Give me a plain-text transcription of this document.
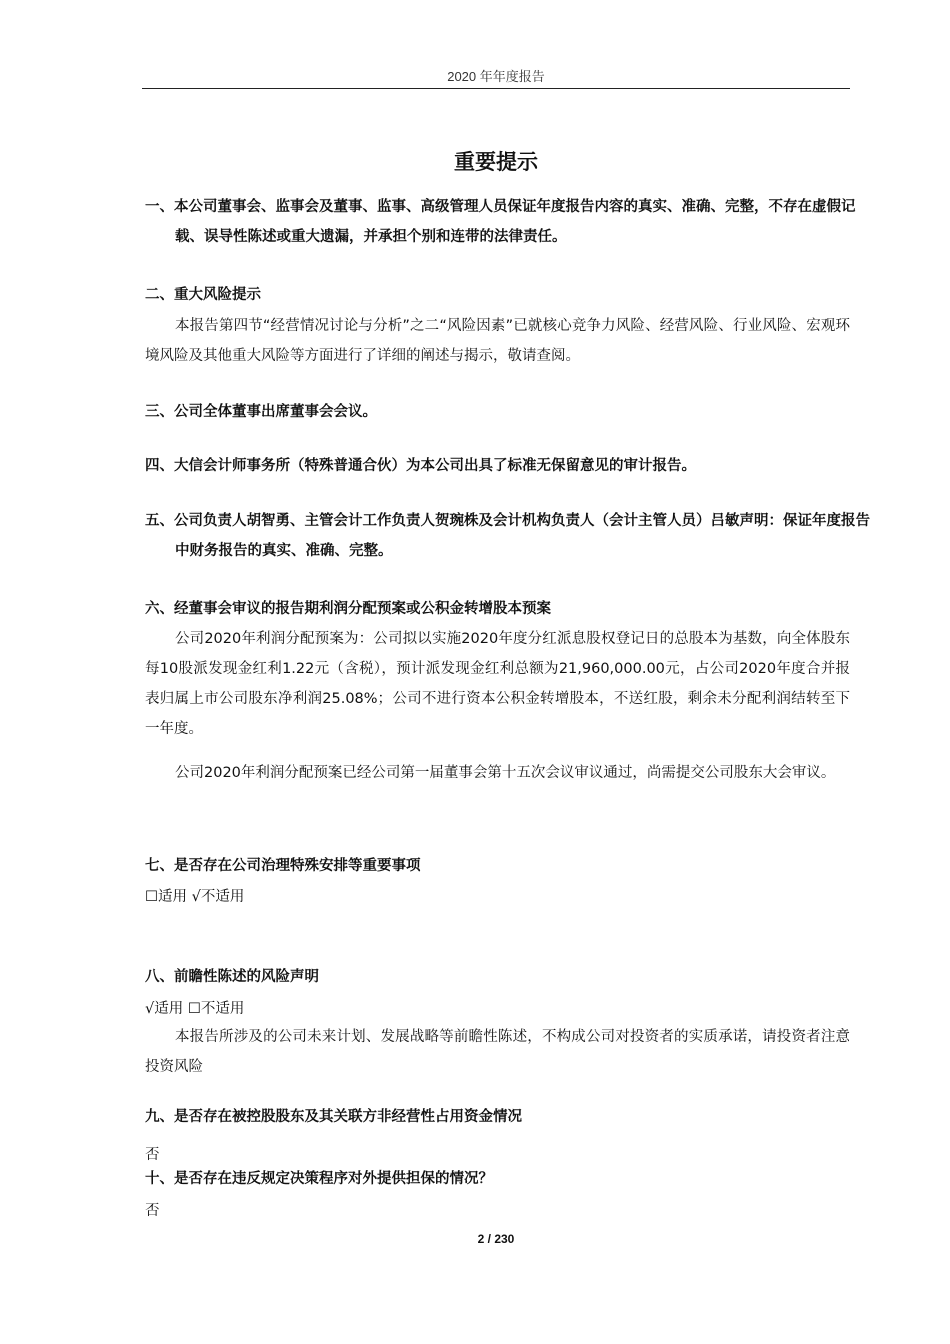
2020 年年度报告
重要提示
一、本公司董事会、监事会及董事、监事、高级管理人员保证年度报告内容的真实、准确、完整，不存在虚假记载、误导性陈述或重大遗漏，并承担个别和连带的法律责任。
二、重大风险提示
本报告第四节“经营情况讨论与分析”之二“风险因素”已就核心竞争力风险、经营风险、行业风险、宏观环境风险及其他重大风险等方面进行了详细的阐述与揭示，敬请查阅。
三、公司全体董事出席董事会会议。
四、大信会计师事务所（特殊普通合伙）为本公司出具了标准无保留意见的审计报告。
五、公司负责人胡智勇、主管会计工作负责人贺琬株及会计机构负责人（会计主管人员）吕敏声明：保证年度报告中财务报告的真实、准确、完整。
六、经董事会审议的报告期利润分配预案或公积金转增股本预案
公司2020年利润分配预案为：公司拟以实施2020年度分红派息股权登记日的总股本为基数，向全体股东每10股派发现金红利1.22元（含税），预计派发现金红利总额为21,960,000.00元，占公司2020年度合并报表归属上市公司股东净利润25.08%；公司不进行资本公积金转增股本，不送红股，剩余未分配利润结转至下一年度。
公司2020年利润分配预案已经公司第一届董事会第十五次会议审议通过，尚需提交公司股东大会审议。
七、是否存在公司治理特殊安排等重要事项
☐适用 √不适用
八、前瞻性陈述的风险声明
√适用 ☐不适用
本报告所涉及的公司未来计划、发展战略等前瞻性陈述，不构成公司对投资者的实质承诺，请投资者注意投资风险
九、是否存在被控股股东及其关联方非经营性占用资金情况
否
十、是否存在违反规定决策程序对外提供担保的情况？
否
2 / 230
